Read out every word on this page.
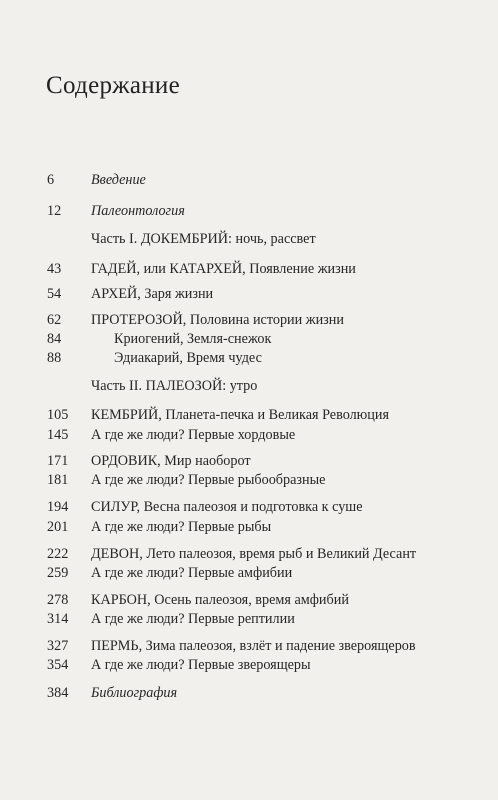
Содержание
6	Введение
12 Палеонтология
Часть I. ДОКЕМБРИЙ: ночь, рассвет
43 ГАДЕЙ, или КАТАРХЕЙ, Появление жизни
54 АРХЕЙ, Заря жизни
62 ПРОТЕРОЗОЙ, Половина истории жизни
84	Криогений, Земля-снежок
88	Эдиакарий, Время чудес
Часть II. ПАЛЕОЗОЙ: утро
105 КЕМБРИЙ, Планета-печка и Великая Революция
145 А где же люди? Первые хордовые
171 ОРДОВИК, Мир наоборот
181 А где же люди? Первые рыбообразные
194 СИЛУР, Весна палеозоя и подготовка к суше
201 А где же люди? Первые рыбы
222 ДЕВОН, Лето палеозоя, время рыб и Великий Десант
259 А где же люди? Первые амфибии
278 КАРБОН, Осень палеозоя, время амфибий
314 А где же люди? Первые рептилии
327 ПЕРМЬ, Зима палеозоя, взлёт и падение звероящеров
354 А где же люди? Первые звероящеры
384 Библиография
